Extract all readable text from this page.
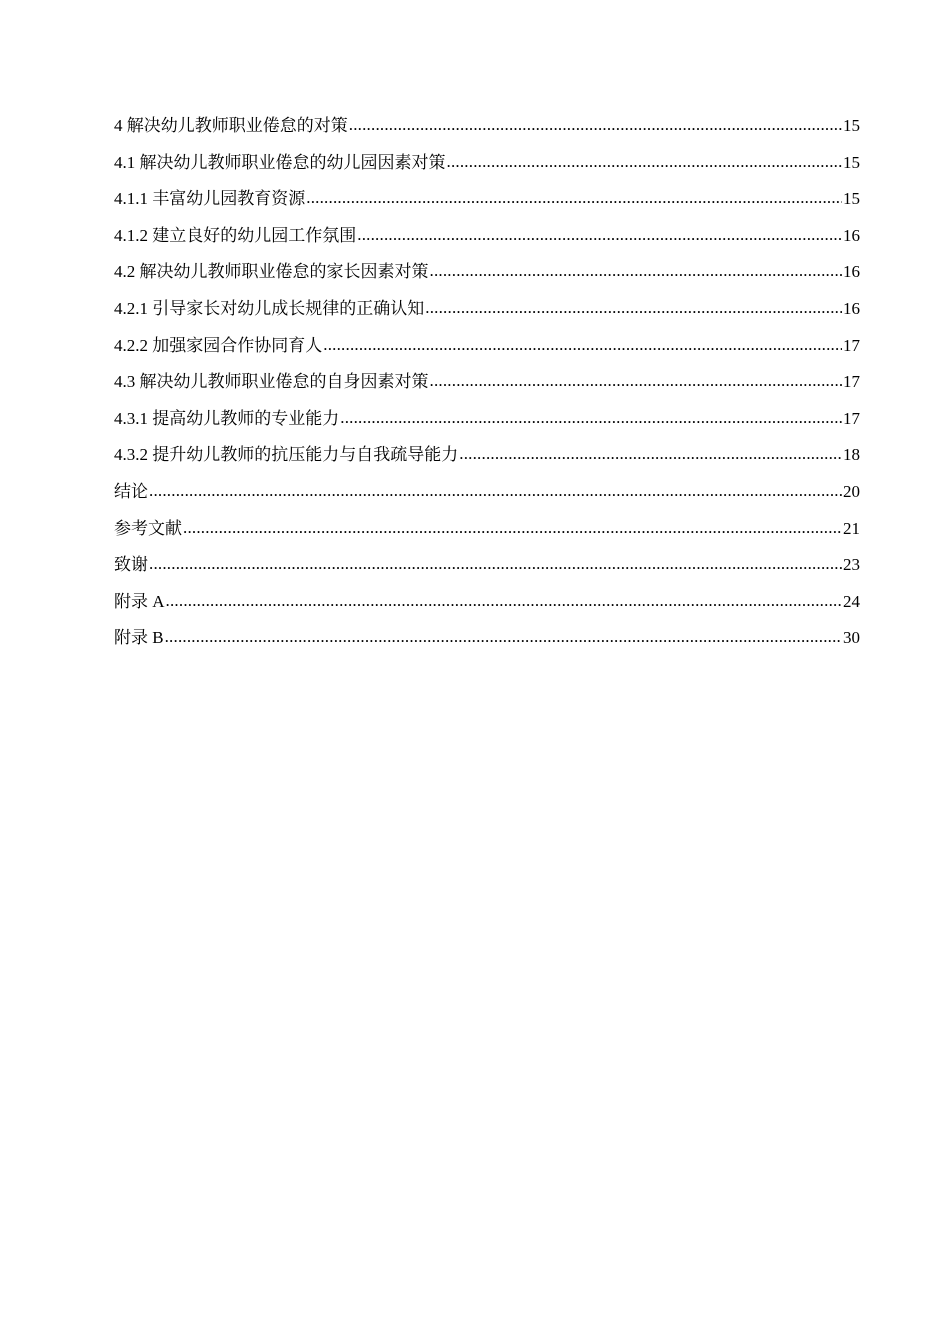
4 解决幼儿教师职业倦怠的对策 .....	15
4.1 解决幼儿教师职业倦怠的幼儿园因素对策 .....	15
4.1.1 丰富幼儿园教育资源 .....	15
4.1.2 建立良好的幼儿园工作氛围 .....	16
4.2 解决幼儿教师职业倦怠的家长因素对策 .....	16
4.2.1 引导家长对幼儿成长规律的正确认知 .....	16
4.2.2 加强家园合作协同育人 .....	17
4.3 解决幼儿教师职业倦怠的自身因素对策 .....	17
4.3.1 提高幼儿教师的专业能力 .....	17
4.3.2 提升幼儿教师的抗压能力与自我疏导能力 .....	18
结论 .....	20
参考文献 .....	21
致谢 .....	23
附录 A .....	24
附录 B .....	30
